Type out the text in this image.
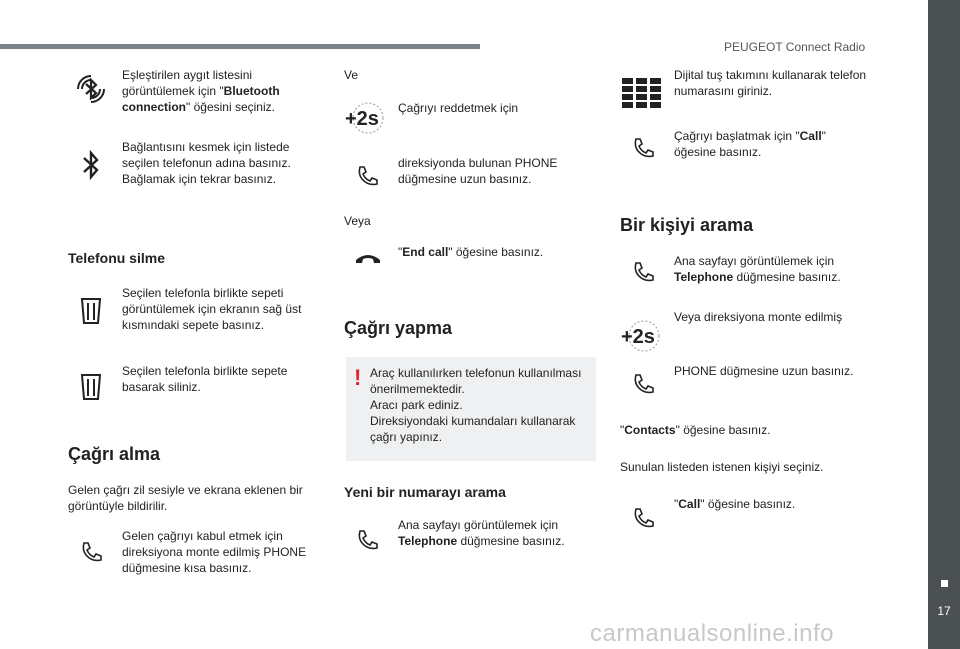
PEUGEOT Connect Radio
17
carmanualsonline.info
Eşleştirilen aygıt listesini görüntülemek için "Bluetooth connection" öğesini seçiniz.
Bağlantısını kesmek için listede seçilen telefonun adına basınız. Bağlamak için tekrar basınız.
Telefonu silme
Seçilen telefonla birlikte sepeti görüntülemek için ekranın sağ üst kısmındaki sepete basınız.
Seçilen telefonla birlikte sepete basarak siliniz.
Çağrı alma
Gelen çağrı zil sesiyle ve ekrana eklenen bir görüntüyle bildirilir.
Gelen çağrıyı kabul etmek için direksiyona monte edilmiş PHONE düğmesine kısa basınız.
Ve
+2s Çağrıyı reddetmek için
direksiyonda bulunan PHONE düğmesine uzun basınız.
Veya
"End call" öğesine basınız.
Çağrı yapma
! Araç kullanılırken telefonun kullanılması önerilmemektedir.
Aracı park ediniz.
Direksiyondaki kumandaları kullanarak çağrı yapınız.
Yeni bir numarayı arama
Ana sayfayı görüntülemek için Telephone düğmesine basınız.
Dijital tuş takımını kullanarak telefon numarasını giriniz.
Çağrıyı başlatmak için "Call" öğesine basınız.
Bir kişiyi arama
Ana sayfayı görüntülemek için Telephone düğmesine basınız.
+2s
Veya direksiyona monte edilmiş
PHONE düğmesine uzun basınız.
"Contacts" öğesine basınız.
Sunulan listeden istenen kişiyi seçiniz.
"Call" öğesine basınız.
